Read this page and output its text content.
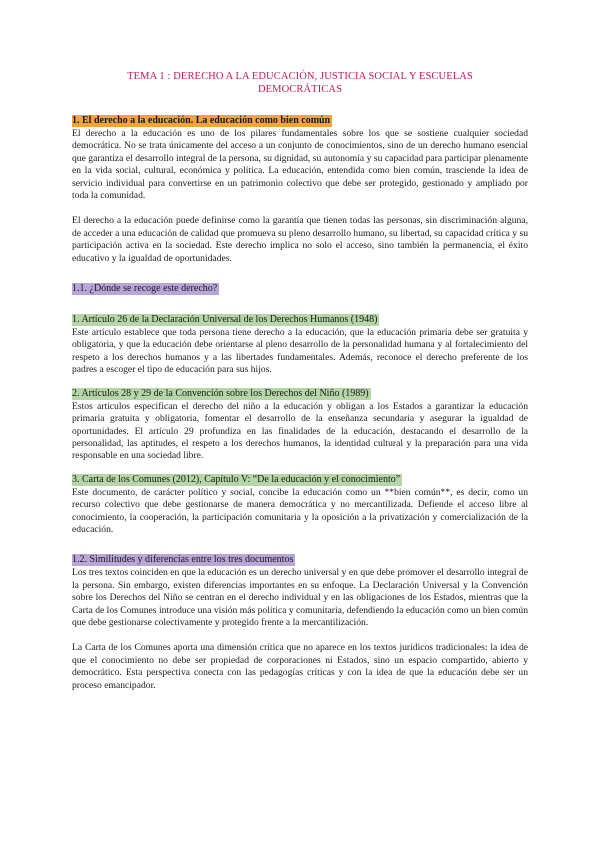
TEMA 1 : DERECHO A LA EDUCACIÓN, JUSTICIA SOCIAL Y ESCUELAS DEMOCRÁTICAS
1. El derecho a la educación. La educación como bien común

El derecho a la educación es uno de los pilares fundamentales sobre los que se sostiene cualquier sociedad democrática. No se trata únicamente del acceso a un conjunto de conocimientos, sino de un derecho humano esencial que garantiza el desarrollo integral de la persona, su dignidad, su autonomía y su capacidad para participar plenamente en la vida social, cultural, económica y política. La educación, entendida como bien común, trasciende la idea de servicio individual para convertirse en un patrimonio colectivo que debe ser protegido, gestionado y ampliado por toda la comunidad.

El derecho a la educación puede definirse como la garantía que tienen todas las personas, sin discriminación alguna, de acceder a una educación de calidad que promueva su pleno desarrollo humano, su libertad, su capacidad crítica y su participación activa en la sociedad. Este derecho implica no solo el acceso, sino también la permanencia, el éxito educativo y la igualdad de oportunidades.

1.1. ¿Dónde se recoge este derecho?
1. Artículo 26 de la Declaración Universal de los Derechos Humanos (1948)

Este artículo establece que toda persona tiene derecho a la educación, que la educación primaria debe ser gratuita y obligatoria, y que la educación debe orientarse al pleno desarrollo de la personalidad humana y al fortalecimiento del respeto a los derechos humanos y a las libertades fundamentales. Además, reconoce el derecho preferente de los padres a escoger el tipo de educación para sus hijos.

2. Artículos 28 y 29 de la Convención sobre los Derechos del Niño (1989)

Estos artículos especifican el derecho del niño a la educación y obligan a los Estados a garantizar la educación primaria gratuita y obligatoria, fomentar el desarrollo de la enseñanza secundaria y asegurar la igualdad de oportunidades. El artículo 29 profundiza en las finalidades de la educación, destacando el desarrollo de la personalidad, las aptitudes, el respeto a los derechos humanos, la identidad cultural y la preparación para una vida responsable en una sociedad libre.

3. Carta de los Comunes (2012), Capítulo V: “De la educación y el conocimiento”

Este documento, de carácter político y social, concibe la educación como un **bien común**, es decir, como un recurso colectivo que debe gestionarse de manera democrática y no mercantilizada. Defiende el acceso libre al conocimiento, la cooperación, la participación comunitaria y la oposición a la privatización y comercialización de la educación.

1.2. Similitudes y diferencias entre los tres documentos

Los tres textos coinciden en que la educación es un derecho universal y en que debe promover el desarrollo integral de la persona. Sin embargo, existen diferencias importantes en su enfoque. La Declaración Universal y la Convención sobre los Derechos del Niño se centran en el derecho individual y en las obligaciones de los Estados, mientras que la Carta de los Comunes introduce una visión más política y comunitaria, defendiendo la educación como un bien común que debe gestionarse colectivamente y protegido frente a la mercantilización.

La Carta de los Comunes aporta una dimensión crítica que no aparece en los textos jurídicos tradicionales: la idea de que el conocimiento no debe ser propiedad de corporaciones ni Estados, sino un espacio compartido, abierto y democrático. Esta perspectiva conecta con las pedagogías críticas y con la idea de que la educación debe ser un proceso emancipador.
